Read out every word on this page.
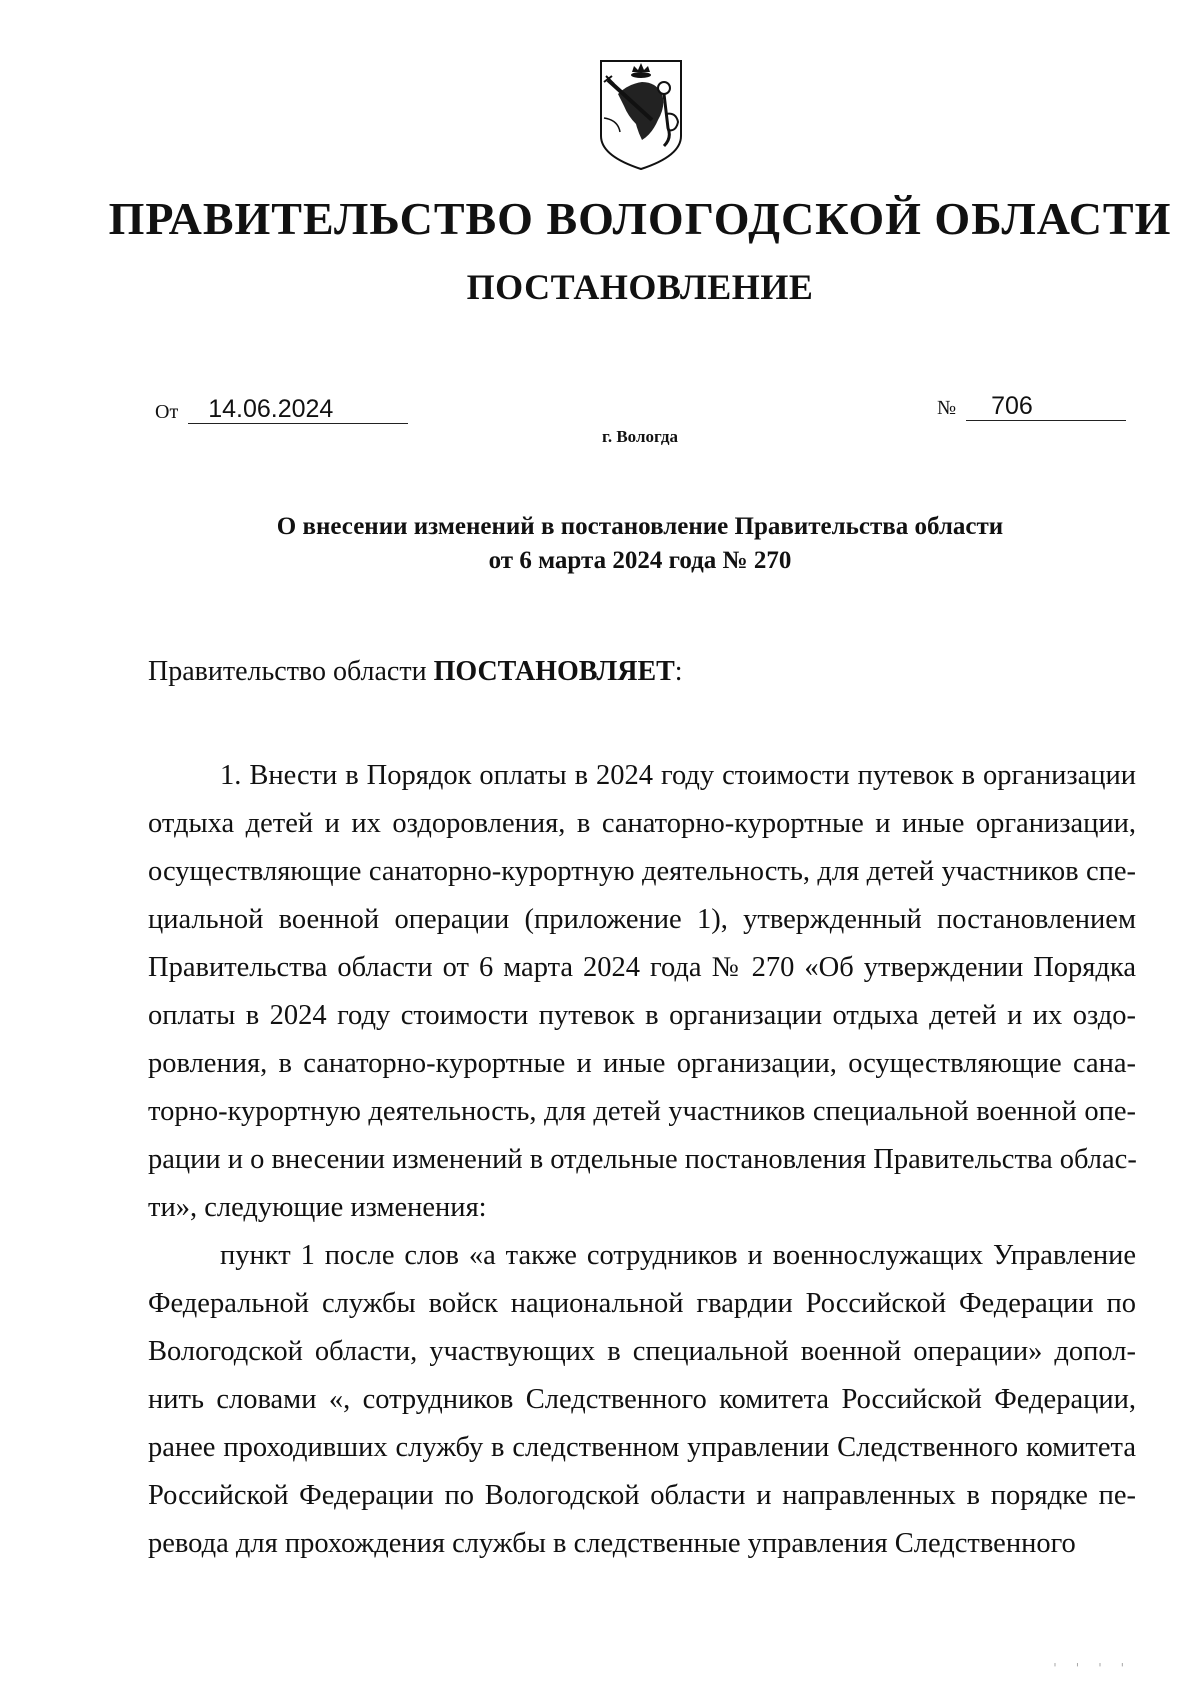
ПРАВИТЕЛЬСТВО ВОЛОГОДСКОЙ ОБЛАСТИ
ПОСТАНОВЛЕНИЕ
От 14.06.2024	№ 706
г. Вологда
О внесении изменений в постановление Правительства области
от 6 марта 2024 года № 270
Правительство области ПОСТАНОВЛЯЕТ:
1. Внести в Порядок оплаты в 2024 году стоимости путевок в организации
отдыха детей и их оздоровления, в санаторно-курортные и иные организации,
осуществляющие санаторно-курортную деятельность, для детей участников спе-
циальной военной операции (приложение 1), утвержденный постановлением
Правительства области от 6 марта 2024 года № 270 «Об утверждении Порядка
оплаты в 2024 году стоимости путевок в организации отдыха детей и их оздо-
ровления, в санаторно-курортные и иные организации, осуществляющие сана-
торно-курортную деятельность, для детей участников специальной военной опе-
рации и о внесении изменений в отдельные постановления Правительства облас-
ти», следующие изменения:
пункт 1 после слов «а также сотрудников и военнослужащих Управление
Федеральной службы войск национальной гвардии Российской Федерации по
Вологодской области, участвующих в специальной военной операции» допол-
нить словами «, сотрудников Следственного комитета Российской Федерации,
ранее проходивших службу в следственном управлении Следственного комитета
Российской Федерации по Вологодской области и направленных в порядке пе-
ревода для прохождения службы в следственные управления Следственного
' ' ' '
